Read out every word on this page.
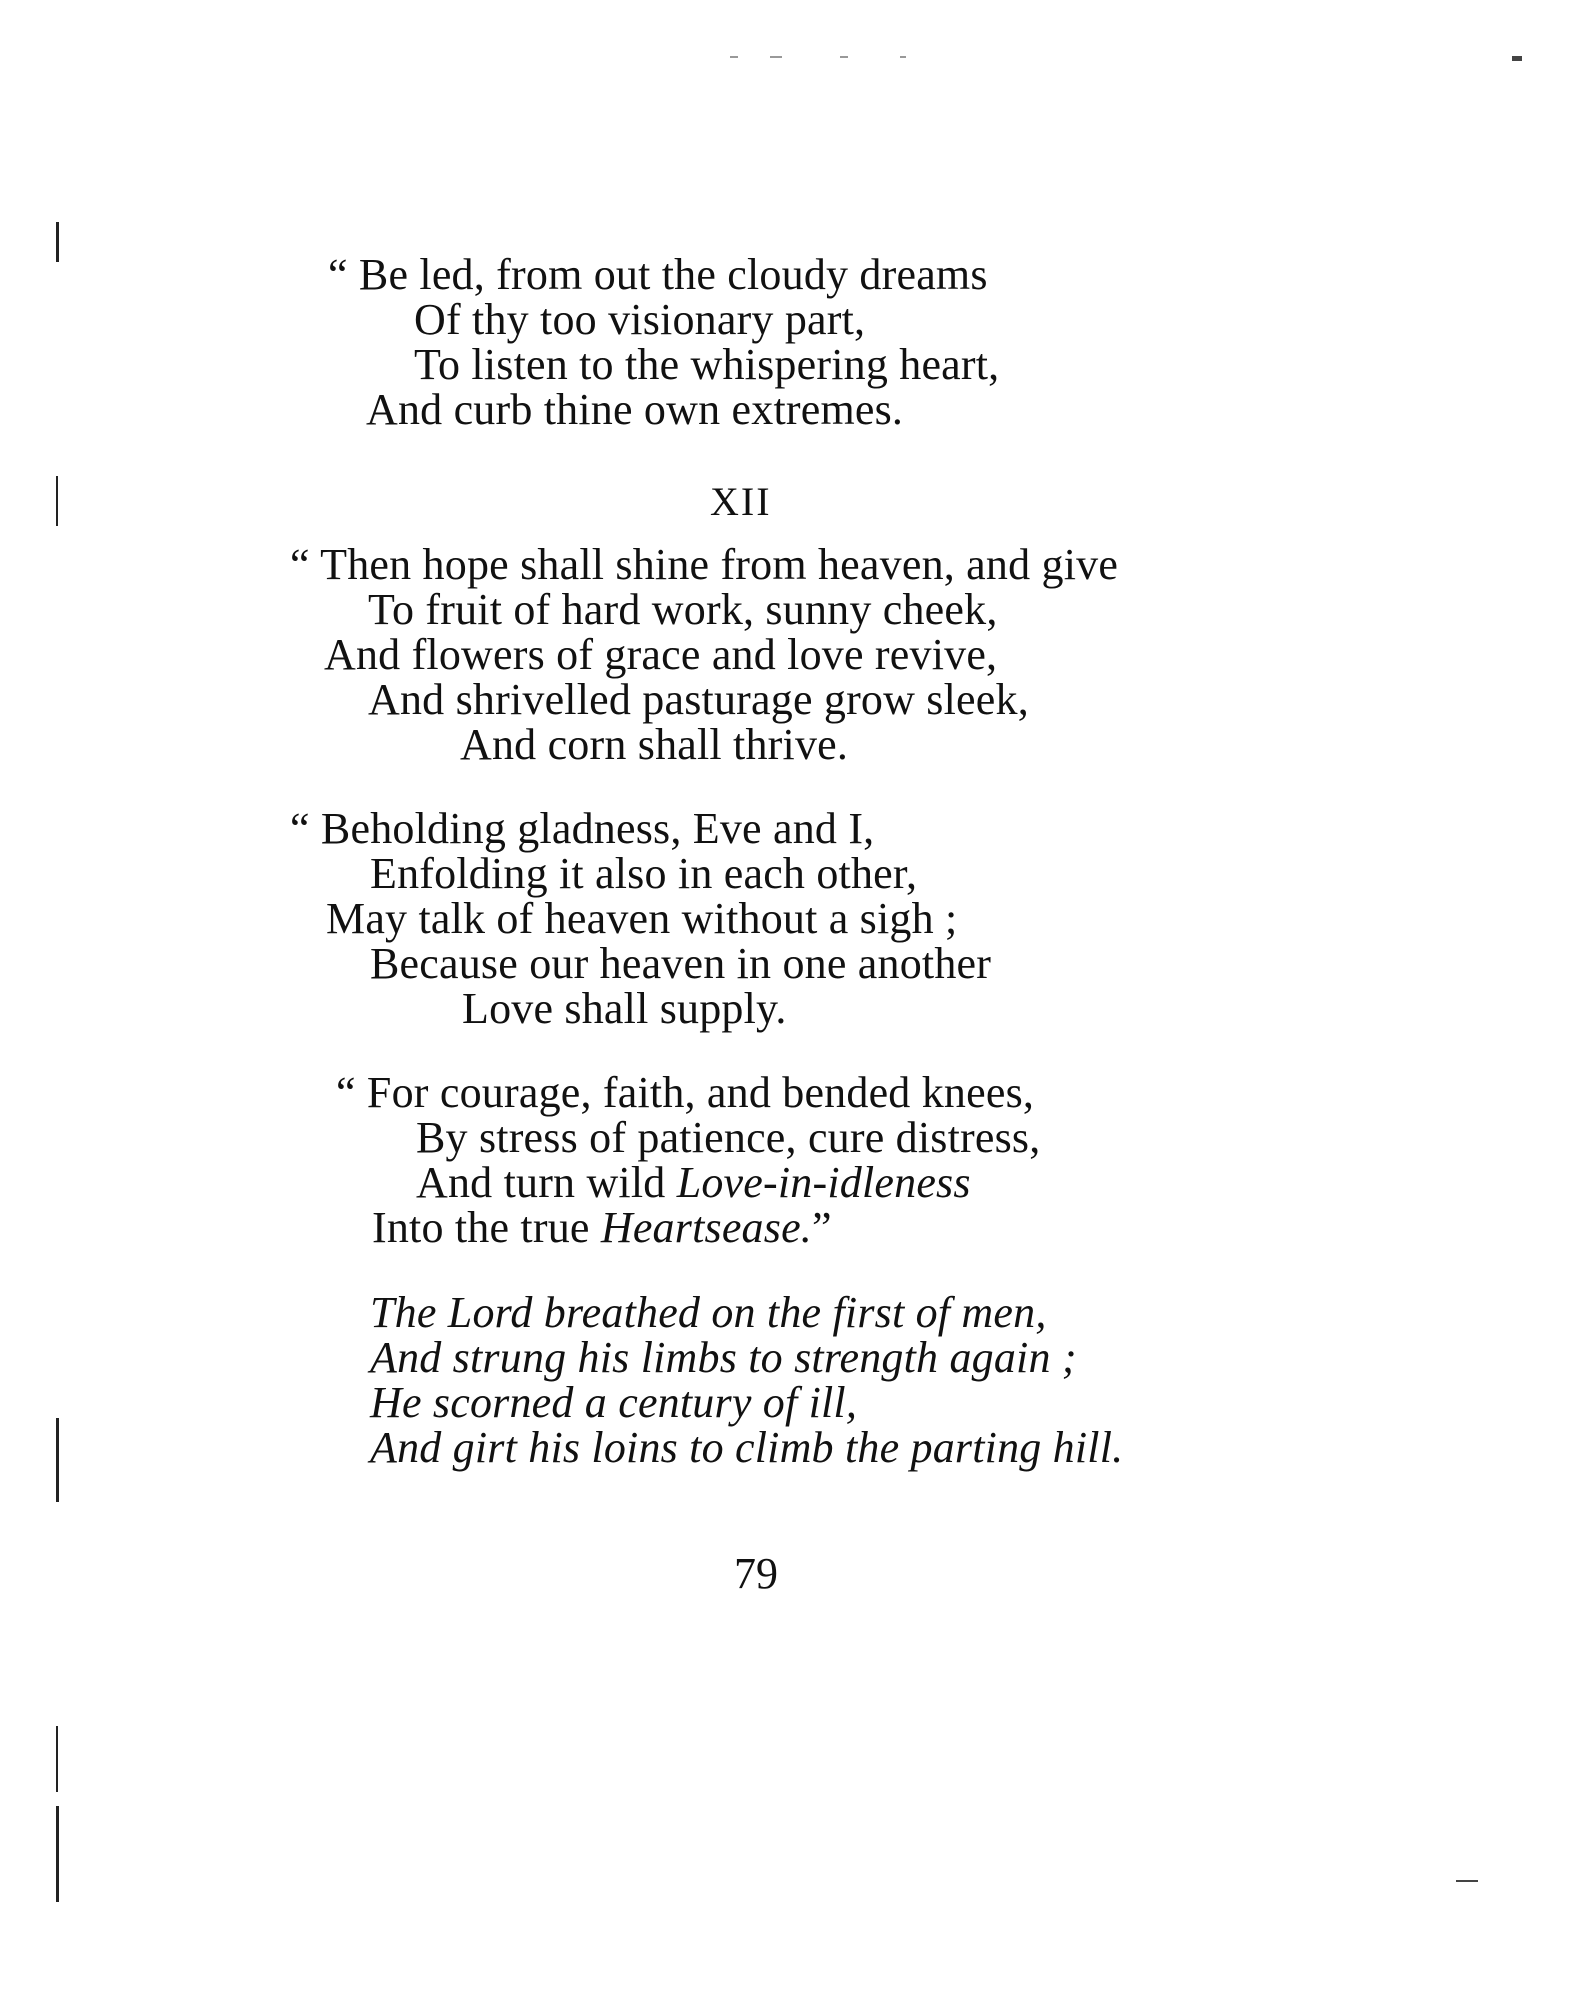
“ Be led, from out the cloudy dreams
Of thy too visionary part,
To listen to the whispering heart,
And curb thine own extremes.
XII
“ Then hope shall shine from heaven, and give
To fruit of hard work, sunny cheek,
And flowers of grace and love revive,
And shrivelled pasturage grow sleek,
And corn shall thrive.
“ Beholding gladness, Eve and I,
Enfolding it also in each other,
May talk of heaven without a sigh ;
Because our heaven in one another
Love shall supply.
“ For courage, faith, and bended knees,
By stress of patience, cure distress,
And turn wild Love-in-idleness
Into the true Heartsease.”
The Lord breathed on the first of men,
And strung his limbs to strength again ;
He scorned a century of ill,
And girt his loins to climb the parting hill.
79
